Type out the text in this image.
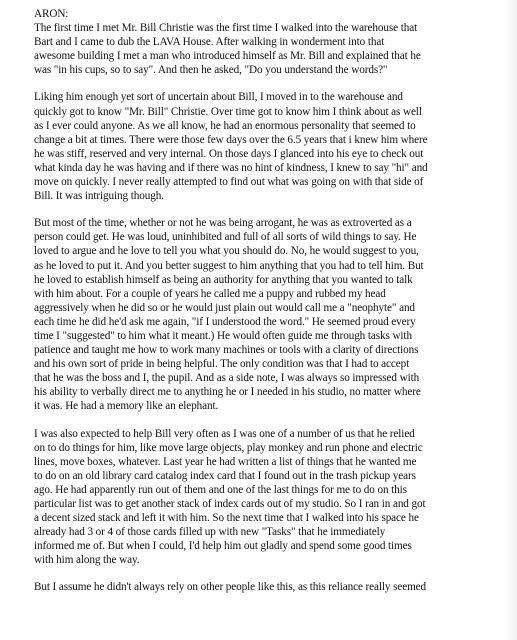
ARON:
The first time I met Mr. Bill Christie was the first time I walked into the warehouse that
Bart and I came to dub the LAVA House. After walking in wonderment into that
awesome building I met a man who introduced himself as Mr. Bill and explained that he
was "in his cups, so to say". And then he asked, "Do you understand the words?"
Liking him enough yet sort of uncertain about Bill, I moved in to the warehouse and
quickly got to know "Mr. Bill" Christie. Over time got to know him I think about as well
as I ever could anyone. As we all know, he had an enormous personality that seemed to
change a bit at times. There were those few days over the 6.5 years that i knew him where
he was stiff, reserved and very internal. On those days I glanced into his eye to check out
what kinda day he was having and if there was no hint of kindness, I knew to say "hi" and
move on quickly. I never really attempted to find out what was going on with that side of
Bill. It was intriguing though.
But most of the time, whether or not he was being arrogant, he was as extroverted as a
person could get. He was loud, uninhibited and full of all sorts of wild things to say. He
loved to argue and he love to tell you what you should do. No, he would suggest to you,
as he loved to put it. And you better suggest to him anything that you had to tell him. But
he loved to establish himself as being an authority for anything that you wanted to talk
with him about. For a couple of years he called me a puppy and rubbed my head
aggressively when he did so or he would just plain out would call me a "neophyte" and
each time he did he'd ask me again, "if I understood the word." He seemed proud every
time I "suggested" to him what it meant.) He would often guide me through tasks with
patience and taught me how to work many machines or tools with a clarity of directions
and his own sort of pride in being helpful. The only condition was that I had to accept
that he was the boss and I, the pupil. And as a side note, I was always so impressed with
his ability to verbally direct me to anything he or I needed in his studio, no matter where
it was. He had a memory like an elephant.
I was also expected to help Bill very often as I was one of a number of us that he relied
on to do things for him, like move large objects, play monkey and run phone and electric
lines, move boxes, whatever. Last year he had written a list of things that he wanted me
to do on an old library card catalog index card that I found out in the trash pickup years
ago. He had apparently run out of them and one of the last things for me to do on this
particular list was to get another stack of index cards out of my studio. So I ran in and got
a decent sized stack and left it with him. So the next time that I walked into his space he
already had 3 or 4 of those cards filled up with new "Tasks" that he immediately
informed me of. But when I could, I'd help him out gladly and spend some good times
with him along the way.
But I assume he didn't always rely on other people like this, as this reliance really seemed
